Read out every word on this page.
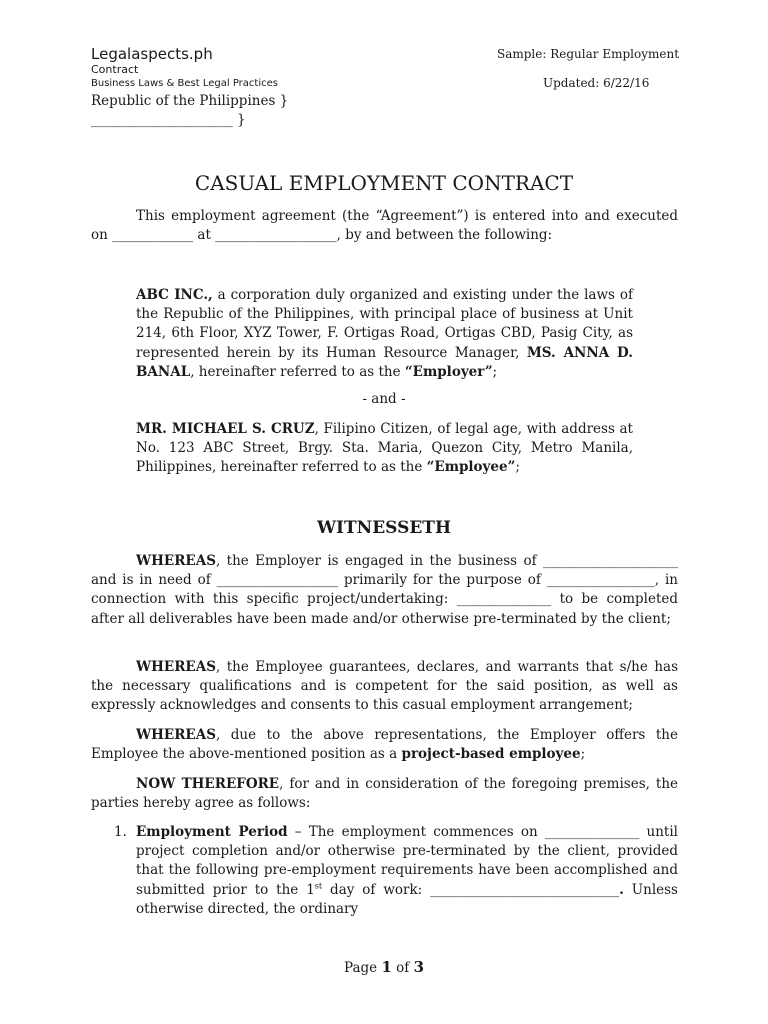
Legalaspects.ph
Contract
Business Laws & Best Legal Practices
Sample: Regular Employment
Updated: 6/22/16
Republic of the Philippines }
_____________________ }
CASUAL EMPLOYMENT CONTRACT
This employment agreement (the “Agreement”) is entered into and executed on ____________ at __________________, by and between the following:
ABC INC., a corporation duly organized and existing under the laws of the Republic of the Philippines, with principal place of business at Unit 214, 6th Floor, XYZ Tower, F. Ortigas Road, Ortigas CBD, Pasig City, as represented herein by its Human Resource Manager, MS. ANNA D. BANAL, hereinafter referred to as the “Employer”;
- and -
MR. MICHAEL S. CRUZ, Filipino Citizen, of legal age, with address at No. 123 ABC Street, Brgy. Sta. Maria, Quezon City, Metro Manila, Philippines, hereinafter referred to as the “Employee”;
WITNESSETH
WHEREAS, the Employer is engaged in the business of ____________________ and is in need of __________________ primarily for the purpose of ________________, in connection with this specific project/undertaking: ______________ to be completed after all deliverables have been made and/or otherwise pre-terminated by the client;
WHEREAS, the Employee guarantees, declares, and warrants that s/he has the necessary qualifications and is competent for the said position, as well as expressly acknowledges and consents to this casual employment arrangement;
WHEREAS, due to the above representations, the Employer offers the Employee the above-mentioned position as a project-based employee;
NOW THEREFORE, for and in consideration of the foregoing premises, the parties hereby agree as follows:
1. Employment Period – The employment commences on ______________ until project completion and/or otherwise pre-terminated by the client, provided that the following pre-employment requirements have been accomplished and submitted prior to the 1st day of work: ____________________________. Unless otherwise directed, the ordinary
Page 1 of 3
